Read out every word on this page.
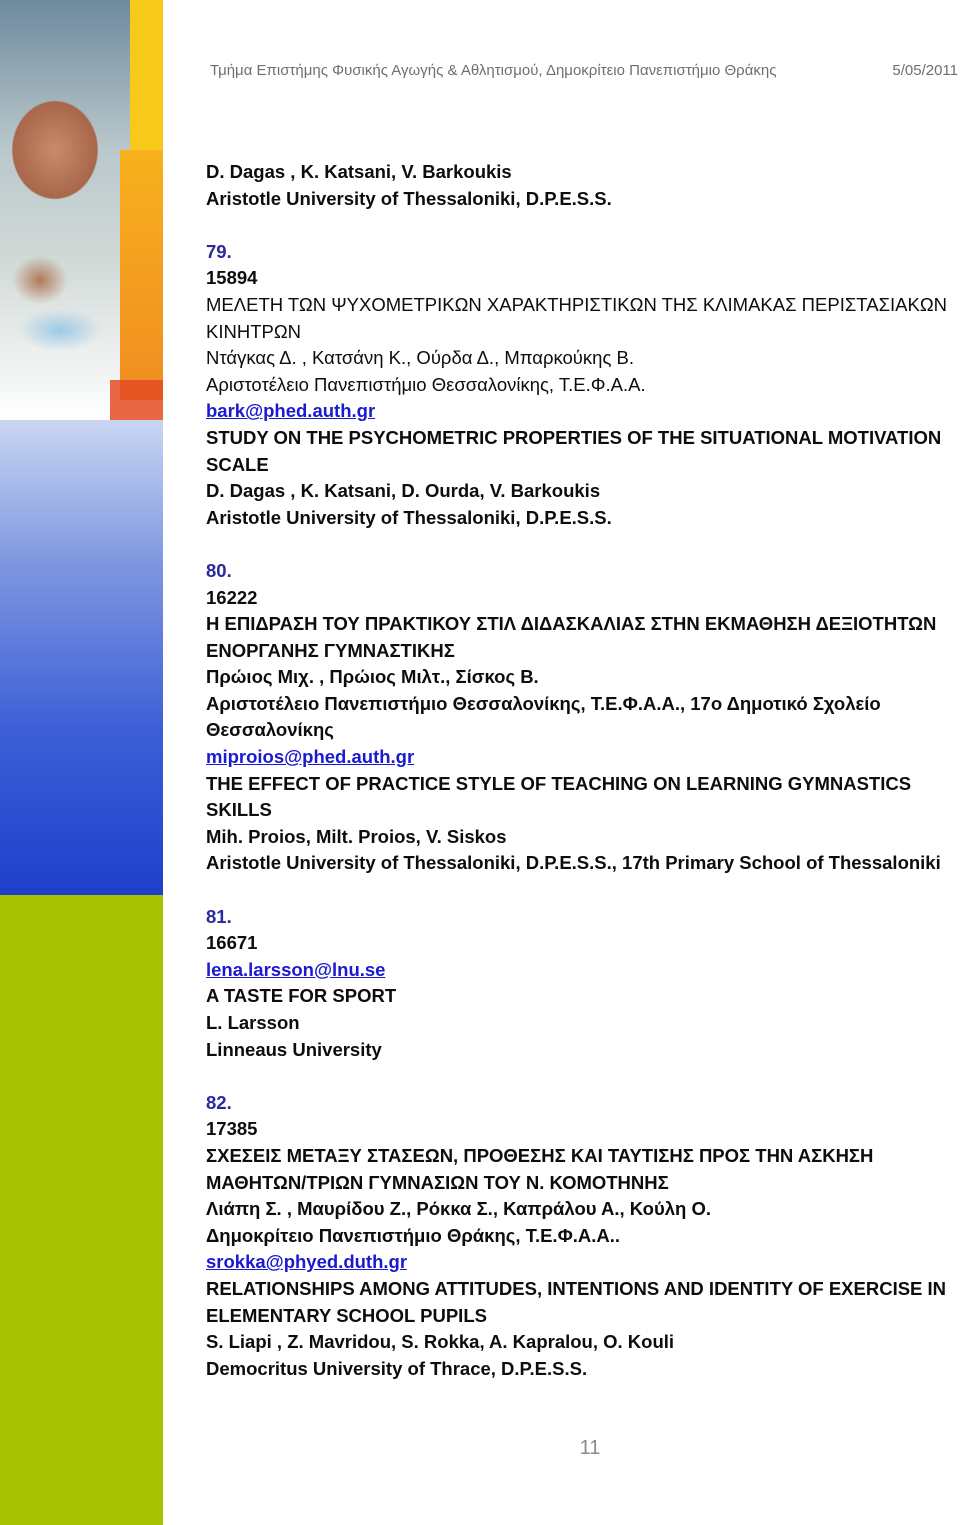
Τμήμα Επιστήμης Φυσικής Αγωγής & Αθλητισμού, Δημοκρίτειο Πανεπιστήμιο Θράκης	5/05/2011

D. Dagas , K. Katsani, V. Barkoukis

Aristotle University of Thessaloniki, D.P.E.S.S.

79.

15894

ΜΕΛΕΤΗ ΤΩΝ ΨΥΧΟΜΕΤΡΙΚΩΝ ΧΑΡΑΚΤΗΡΙΣΤΙΚΩΝ ΤΗΣ ΚΛΙΜΑΚΑΣ ΠΕΡΙΣΤΑΣΙΑΚΩΝ

ΚΙΝΗΤΡΩΝ

Ντάγκας Δ. , Κατσάνη Κ., Ούρδα Δ., Μπαρκούκης Β.

Αριστοτέλειο Πανεπιστήμιο Θεσσαλονίκης, Τ.Ε.Φ.Α.Α.

bark@phed.auth.gr

STUDY ON THE PSYCHOMETRIC PROPERTIES OF THE SITUATIONAL MOTIVATION

SCALE

D. Dagas , K. Katsani, D. Ourda, V. Barkoukis

Aristotle University of Thessaloniki, D.P.E.S.S.

80.

16222

Η ΕΠΙΔΡΑΣΗ ΤΟΥ ΠΡΑΚΤΙΚΟΥ ΣΤΙΛ ΔΙΔΑΣΚΑΛΙΑΣ ΣΤΗΝ ΕΚΜΑΘΗΣΗ ΔΕΞΙΟΤΗΤΩΝ

ΕΝΟΡΓΑΝΗΣ ΓΥΜΝΑΣΤΙΚΗΣ

Πρώιος Μιχ. , Πρώιος Μιλτ., Σίσκος Β.

Αριστοτέλειο Πανεπιστήμιο Θεσσαλονίκης, Τ.Ε.Φ.Α.Α., 17ο Δημοτικό Σχολείο

Θεσσαλονίκης

miproios@phed.auth.gr

THE EFFECT OF PRACTICE STYLE OF TEACHING ON LEARNING GYMNASTICS SKILLS

Mih. Proios, Milt. Proios, V. Siskos

Aristotle University of Thessaloniki, D.P.E.S.S., 17th Primary School of Thessaloniki

81.

16671

lena.larsson@lnu.se

A TASTE FOR SPORT

L. Larsson

Linneaus University

82.

17385

ΣΧΕΣΕΙΣ ΜΕΤΑΞΥ ΣΤΑΣΕΩΝ, ΠΡΟΘΕΣΗΣ ΚΑΙ ΤΑΥΤΙΣΗΣ ΠΡΟΣ ΤΗΝ ΑΣΚΗΣΗ

ΜΑΘΗΤΩΝ/ΤΡΙΩΝ ΓΥΜΝΑΣΙΩΝ ΤΟΥ Ν. ΚΟΜΟΤΗΝΗΣ

Λιάπη Σ. , Μαυρίδου Ζ., Ρόκκα Σ., Καπράλου Α., Κούλη Ο.

Δημοκρίτειο Πανεπιστήμιο Θράκης, Τ.Ε.Φ.Α.Α..

srokka@phyed.duth.gr

RELATIONSHIPS AMONG ATTITUDES, INTENTIONS AND IDENTITY OF EXERCISE IN

ELEMENTARY SCHOOL PUPILS

S. Liapi , Z. Mavridou, S. Rokka, A. Kapralou, O. Kouli

Democritus University of Thrace, D.P.E.S.S.

11
